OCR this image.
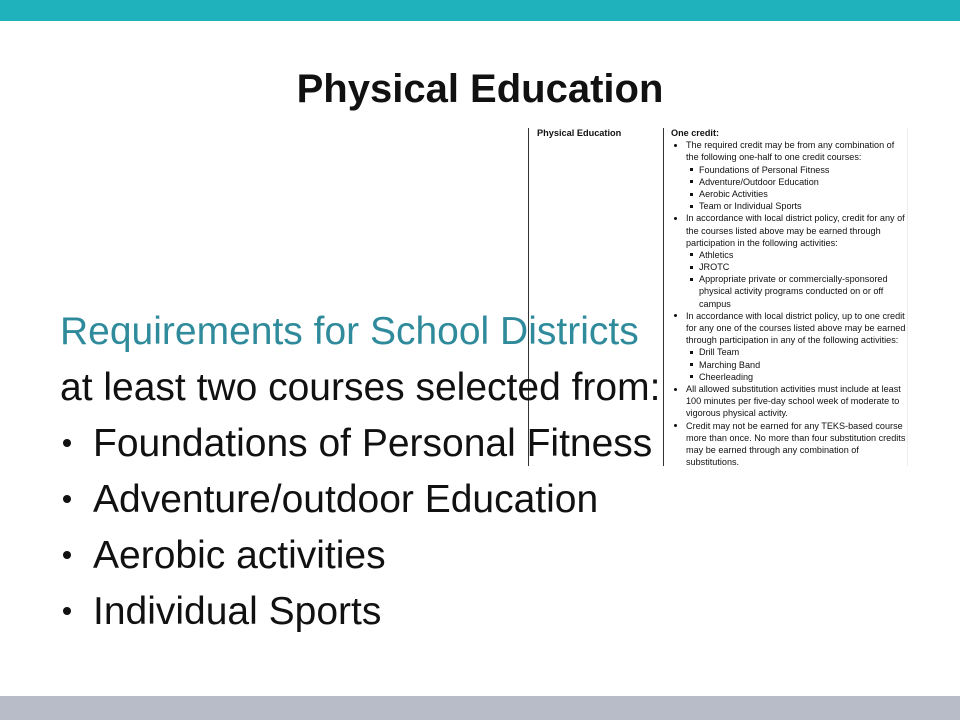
Physical Education
Physical Education	One credit:
The required credit may be from any combination of
the following one-half to one credit courses:
Foundations of Personal Fitness
Adventure/Outdoor Education
Aerobic Activities
Team or Individual Sports
In accordance with local district policy, credit for any of
the courses listed above may be earned through
participation in the following activities:
Athletics
JROTC
Appropriate private or commercially-sponsored
physical activity programs conducted on or off
campus
In accordance with local district policy, up to one credit
for any one of the courses listed above may be earned
through participation in any of the following activities:
Drill Team
Marching Band
Cheerleading
All allowed substitution activities must include at least
100 minutes per five-day school week of moderate to
vigorous physical activity.
Credit may not be earned for any TEKS-based course
more than once. No more than four substitution credits
may be earned through any combination of
substitutions.
Requirements for School Districts
at least two courses selected from:
Foundations of Personal Fitness
Adventure/outdoor Education
Aerobic activities
Individual Sports
